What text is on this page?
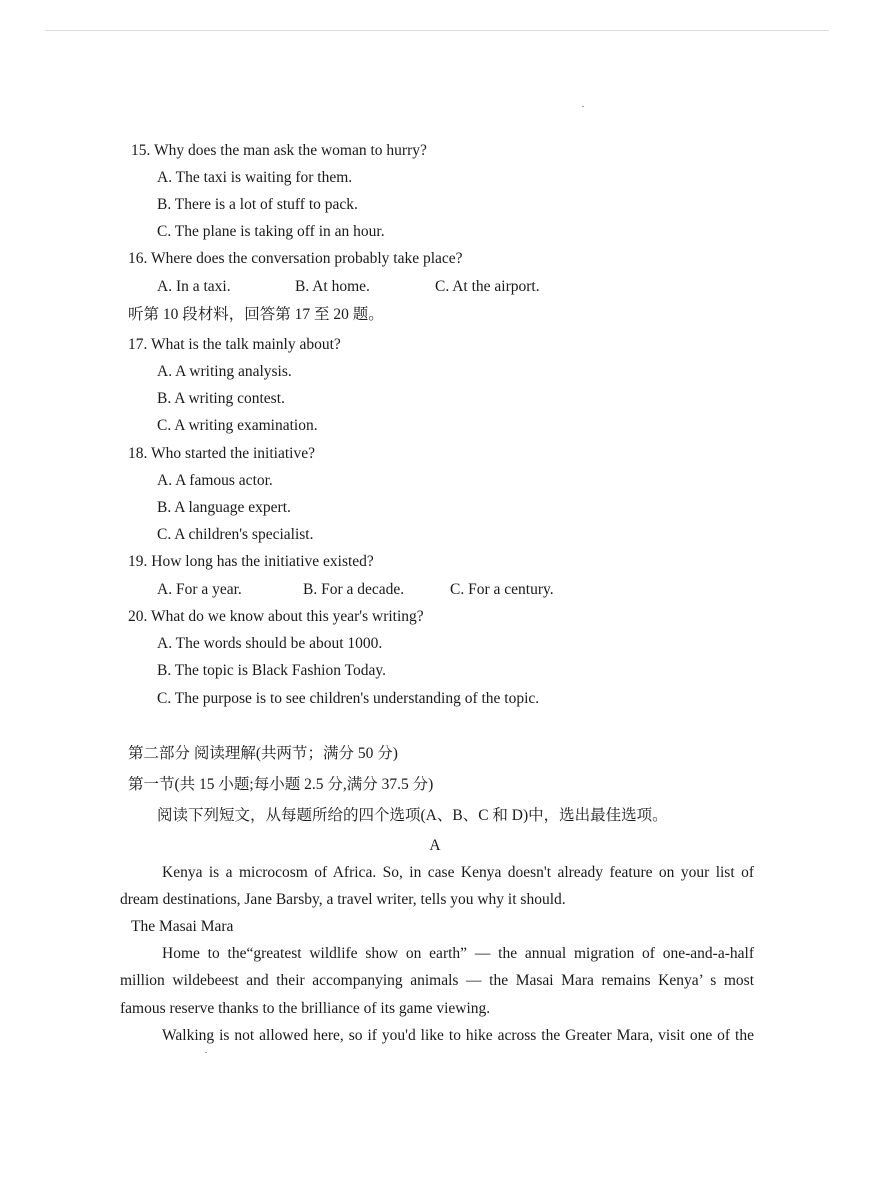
15. Why does the man ask the woman to hurry?
A. The taxi is waiting for them.
B. There is a lot of stuff to pack.
C. The plane is taking off in an hour.
16. Where does the conversation probably take place?
A. In a taxi.	B. At home.	C. At the airport.
听第 10 段材料，回答第 17 至 20 题。
17. What is the talk mainly about?
A. A writing analysis.
B. A writing contest.
C. A writing examination.
18. Who started the initiative?
A. A famous actor.
B. A language expert.
C. A children's specialist.
19. How long has the initiative existed?
A. For a year.	B. For a decade.	C. For a century.
20. What do we know about this year's writing?
A. The words should be about 1000.
B. The topic is Black Fashion Today.
C. The purpose is to see children's understanding of the topic.
第二部分 阅读理解(共两节；满分 50 分)
第一节(共 15 小题;每小题 2.5 分,满分 37.5 分)
阅读下列短文，从每题所给的四个选项(A、B、C 和 D)中，选出最佳选项。
A
Kenya is a microcosm of Africa. So, in case Kenya doesn't already feature on your list of
dream destinations, Jane Barsby, a travel writer, tells you why it should.
The Masai Mara
Home to the“greatest wildlife show on earth” — the annual migration of one-and-a-half
million wildebeest and their accompanying animals — the Masai Mara remains Kenya’ s most
famous reserve thanks to the brilliance of its game viewing.
Walking is not allowed here, so if you'd like to hike across the Greater Mara, visit one of the
